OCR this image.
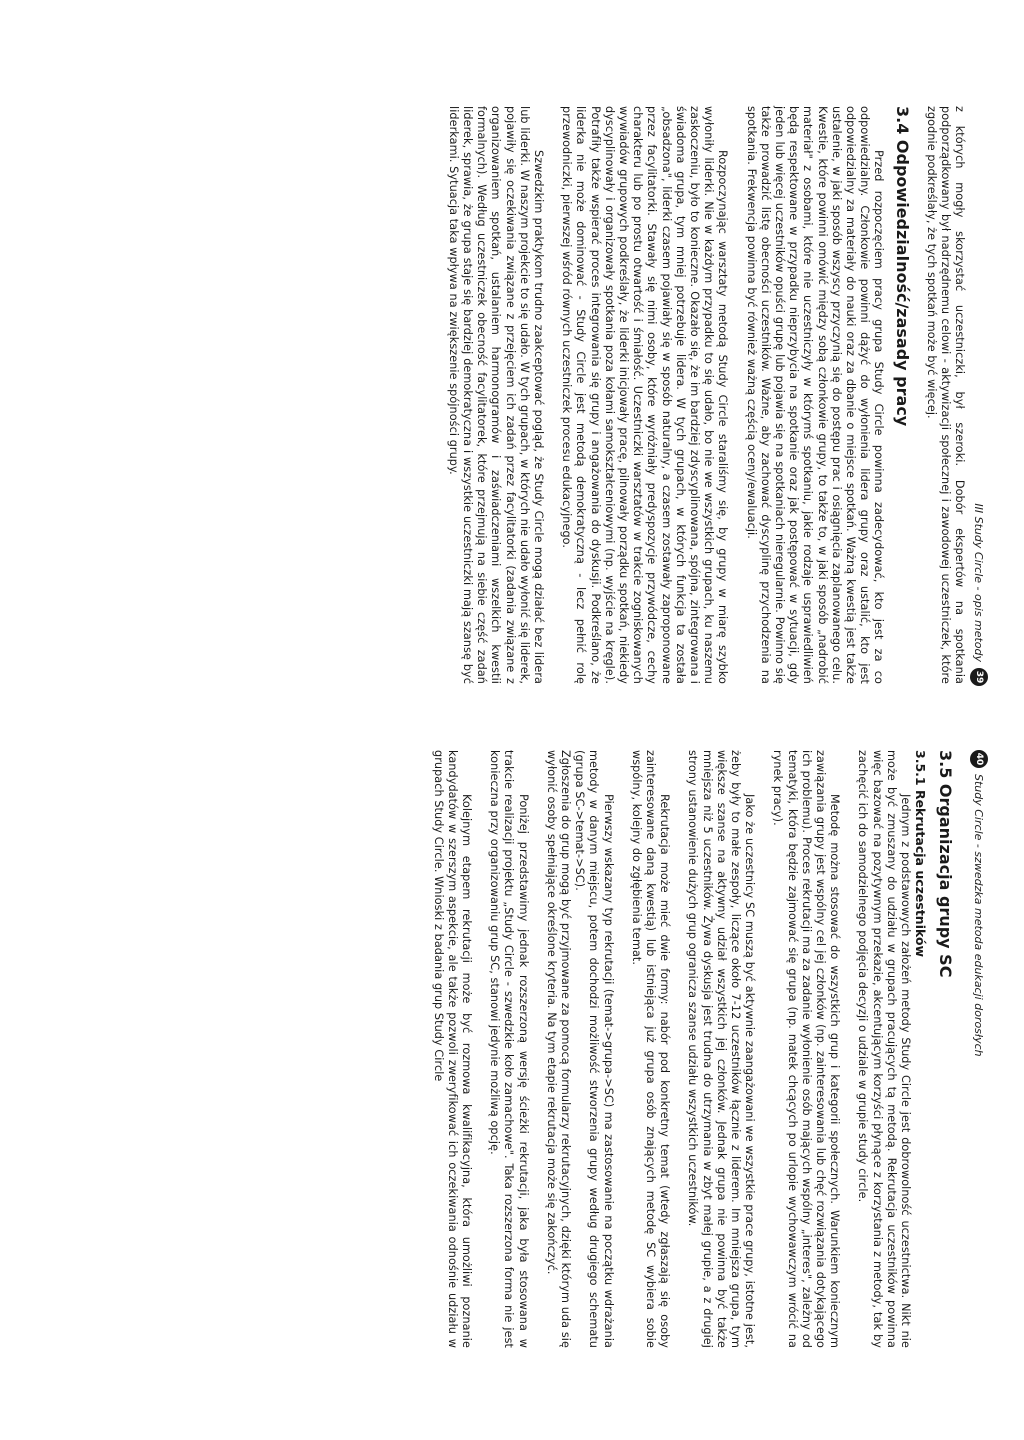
III Study Circle - opis metody
39

z których mogły skorzystać uczestniczki, był szeroki. Dobór ekspertów na spotkania podporządkowany był nadrzędnemu celowi - aktywizacji społecznej i zawodowej uczestniczek, które zgodnie podkreślały, że tych spotkań może być więcej.

3.4 Odpowiedzialność/zasady pracy

Przed rozpoczęciem pracy grupa Study Circle powinna zadecydować, kto jest za co odpowiedzialny. Członkowie powinni dążyć do wyłonienia lidera grupy oraz ustalić, kto jest odpowiedzialny za materiały do nauki oraz za dbanie o miejsce spotkań. Ważną kwestią jest także ustalenie, w jaki sposób wszyscy przyczynią się do postępu prac i osiągnięcia zaplanowanego celu. Kwestie, które powinni omówić między sobą członkowie grupy, to także to, w jaki sposób „nadrobić materiał" z osobami, które nie uczestniczyły w którymś spotkaniu, jakie rodzaje usprawiedliwień będą respektowane w przypadku nieprzybycia na spotkanie oraz jak postępować w sytuacji, gdy jeden lub więcej uczestników opuści grupę lub pojawia się na spotkaniach nieregularnie. Powinno się także prowadzić listę obecności uczestników. Ważne, aby zachować dyscyplinę przychodzenia na spotkania. Frekwencja powinna być również ważną częścią oceny/ewaluacji.

Rozpoczynając warsztaty metodą Study Circle staraliśmy się, by grupy w miarę szybko wyłoniły liderki. Nie w każdym przypadku to się udało, bo nie we wszystkich grupach, ku naszemu zaskoczeniu, było to konieczne. Okazało się, że im bardziej zdyscyplinowana, spójna, zintegrowana i świadoma grupa, tym mniej potrzebuje lidera. W tych grupach, w których funkcja ta została „obsadzona", liderki czasem pojawiały się w sposób naturalny, a czasem zostawały zaproponowane przez facylitatorki. Stawały się nimi osoby, które wyróżniały predyspozycje przywódcze, cechy charakteru lub po prostu otwartość i śmiałość. Uczestniczki warsztatów w trakcie zogniskowanych wywiadów grupowych podkreślały, że liderki inicjowały pracę, pilnowały porządku spotkań, niekiedy dyscyplinowały i organizowały spotkania poza kołami samokształceniowymi (np. wyjście na kręgle). Potrafiły także wspierać proces integrowania się grupy i angażowania do dyskusji. Podkreślano, że liderka nie może dominować - Study Circle jest metodą demokratyczną - lecz pełnić rolę przewodniczki, pierwszej wśród równych uczestniczek procesu edukacyjnego.

Szwedzkim praktykom trudno zaakceptować pogląd, że Study Circle mogą działać bez lidera lub liderki. W naszym projekcie to się udało. W tych grupach, w których nie udało wyłonić się liderek, pojawiły się oczekiwania związane z przejęciem ich zadań przez facylitatorki (zadania związane z organizowaniem spotkań, ustalaniem harmonogramów i zaświadczeniami wszelkich kwestii formalnych). Według uczestniczek obecność facylitatorek, które przejmują na siebie część zadań liderek, sprawia, że grupa staje się bardziej demokratyczna i wszystkie uczestniczki mają szansę być liderkami. Sytuacja taka wpływa na zwiększenie spójności grupy.

40
Study Circle - szwedzka metoda edukacji dorosłych
3.5 Organizacja grupy SC
3.5.1 Rekrutacja uczestników

Jednym z podstawowych założeń metody Study Circle jest dobrowolność uczestnictwa. Nikt nie może być zmuszany do udziału w grupach pracujących tą metodą. Rekrutacja uczestników powinna więc bazować na pozytywnym przekazie, akcentującym korzyści płynące z korzystania z metody, tak by zachęcić ich do samodzielnego podjęcia decyzji o udziale w grupie study circle.

Metodę można stosować do wszystkich grup i kategorii społecznych. Warunkiem koniecznym zawiązania grupy jest wspólny cel jej członków (np. zainteresowania lub chęć rozwiązania dotykającego ich problemu). Proces rekrutacji ma za zadanie wyłonienie osób mających wspólny „interes", zależny od tematyki, która będzie zajmować się grupa (np. matek chcących po urlopie wychowawczym wrócić na rynek pracy).

Jako że uczestnicy SC muszą być aktywnie zaangażowani we wszystkie prace grupy, istotne jest, żeby były to małe zespoły, liczące około 7-12 uczestników łącznie z liderem. Im mniejsza grupa, tym większe szanse na aktywny udział wszystkich jej członków. Jednak grupa nie powinna być także mniejsza niż 5 uczestników. Żywa dyskusja jest trudna do utrzymania w zbyt małej grupie, a z drugiej strony ustanowienie dużych grup ogranicza szanse udziału wszystkich uczestników.

Rekrutacja może mieć dwie formy: nabór pod konkretny temat (wtedy zgłaszają się osoby zainteresowane daną kwestią) lub istniejąca już grupa osób znających metodę SC wybiera sobie wspólny, kolejny do zgłębienia temat.

Pierwszy wskazany typ rekrutacji (temat->grupa->SC) ma zastosowanie na początku wdrażania metody w danym miejscu, potem dochodzi możliwość stworzenia grupy według drugiego schematu (grupa SC->temat->SC).

Zgłoszenia do grup mogą być przyjmowane za pomocą formularzy rekrutacyjnych, dzięki którym uda się wyłonić osoby spełniające określone kryteria. Na tym etapie rekrutacja może się zakończyć.

Poniżej przedstawimy jednak rozszerzoną wersję ścieżki rekrutacji, jaka była stosowana w trakcie realizacji projektu „Study Circle - szwedzkie koło zamachowe". Taka rozszerzona forma nie jest konieczna przy organizowaniu grup SC, stanowi jedynie możliwą opcję.

Kolejnym etapem rekrutacji może być rozmowa kwalifikacyjna, która umożliwi poznanie kandydatów w szerszym aspekcie, ale także pozwoli zweryfikować ich oczekiwania odnośnie udziału w grupach Study Circle. Wnioski z badania grup Study Circle
